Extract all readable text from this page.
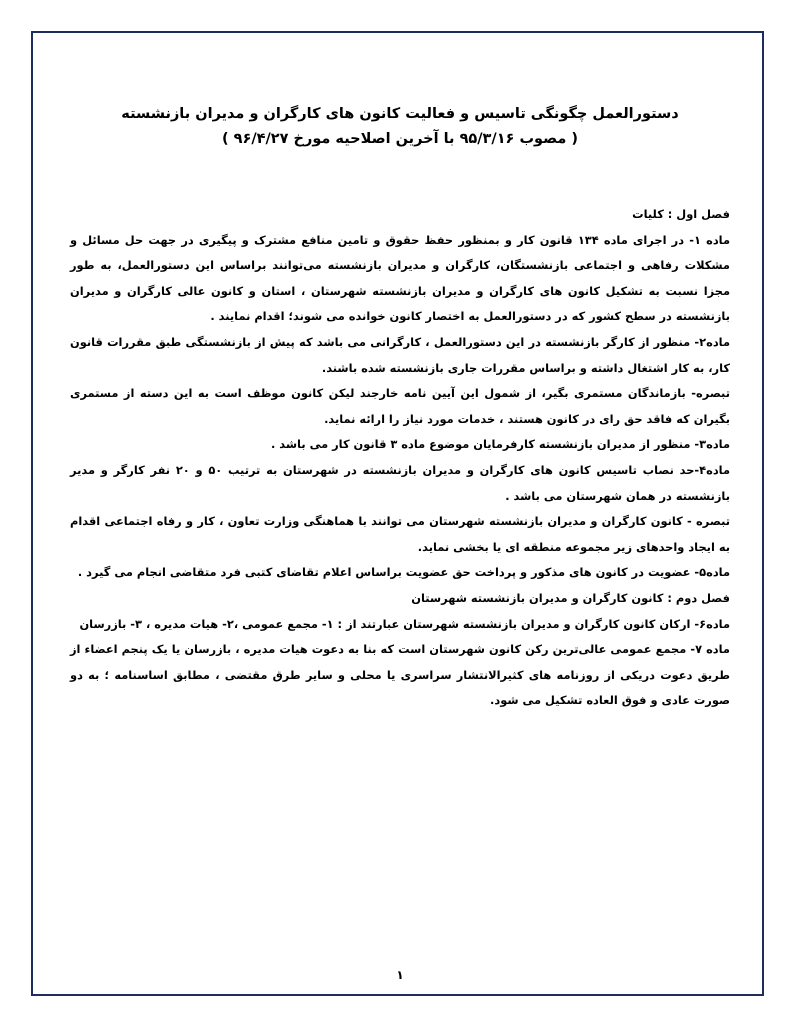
دستورالعمل چگونگی تاسیس و فعالیت کانون های کارگران و مدیران بازنشسته
( مصوب ۹۵/۳/۱۶ با آخرین اصلاحیه مورخ ۹۶/۴/۲۷ )

فصل اول : کلیات

ماده ۱- در اجرای ماده ۱۳۴ قانون کار و بمنظور حفظ حقوق و تامین منافع مشترک و پیگیری در جهت حل مسائل و مشکلات رفاهی و اجتماعی بازنشستگان، کارگران و مدیران بازنشسته می‌توانند براساس این دستورالعمل، به طور مجزا نسبت به تشکیل کانون های کارگران و مدیران بازنشسته شهرستان ، استان و کانون عالی کارگران و مدیران بازنشسته در سطح کشور که در دستورالعمل به اختصار کانون خوانده می شوند؛ اقدام نمایند .

ماده۲- منظور از کارگر بازنشسته در این دستورالعمل ، کارگرانی می باشد که پیش از بازنشستگی طبق مقررات قانون کار، به کار اشتغال داشته و براساس مقررات جاری بازنشسته شده باشند.

تبصره- بازماندگان مستمری بگیر، از شمول این آیین نامه خارجند لیکن کانون موظف است به این دسته از مستمری بگیران که فاقد حق رای در کانون هستند ، خدمات مورد نیاز را ارائه نماید.

ماده۳- منظور از مدیران بازنشسته کارفرمایان موضوع ماده ۳ قانون کار می باشد .

ماده۴-حد نصاب تاسیس کانون های کارگران و مدیران بازنشسته در شهرستان به ترتیب ۵۰ و ۲۰ نفر کارگر و مدیر بازنشسته در همان شهرستان می باشد .

تبصره - کانون کارگران و مدیران بازنشسته شهرستان می توانند با هماهنگی وزارت تعاون ، کار و رفاه اجتماعی اقدام به ایجاد واحدهای زیر مجموعه منطقه ای یا بخشی نماید.

ماده۵- عضویت در کانون های مذکور و پرداخت حق عضویت براساس اعلام تقاضای کتبی فرد متقاضی انجام می گیرد .

فصل دوم : کانون کارگران و مدیران بازنشسته شهرستان

ماده۶- ارکان کانون کارگران و مدیران بازنشسته شهرستان عبارتند از : ۱- مجمع عمومی ،۲- هیات مدیره ، ۳- بازرسان

ماده ۷- مجمع عمومی عالی‌ترین رکن کانون شهرستان است که بنا به دعوت هیات مدیره ، بازرسان یا یک پنجم اعضاء از طریق دعوت دریکی از روزنامه های کثیرالانتشار سراسری یا محلی و سایر طرق مقتضی ، مطابق اساسنامه ؛ به دو صورت عادی و فوق العاده تشکیل می شود.

۱
